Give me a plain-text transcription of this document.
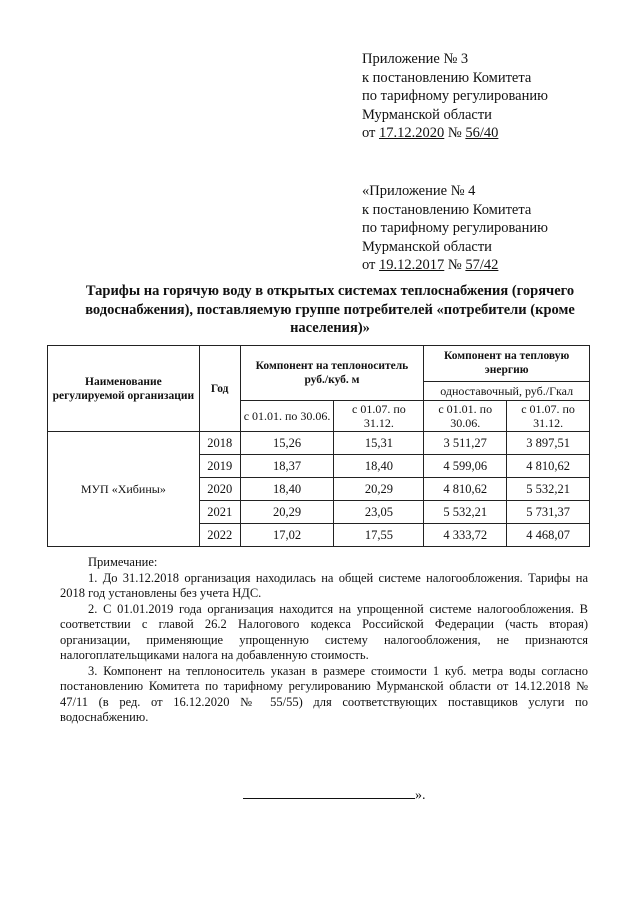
Приложение № 3
к постановлению Комитета
по тарифному регулированию
Мурманской области
от 17.12.2020 № 56/40
«Приложение № 4
к постановлению Комитета
по тарифному регулированию
Мурманской области
от 19.12.2017 № 57/42
Тарифы на горячую воду в открытых системах теплоснабжения (горячего
водоснабжения), поставляемую группе потребителей «потребители (кроме
населения)»
Наименование регулируемой организации	Год	Компонент на теплоноситель руб./куб. м		Компонент на тепловую энергию	
				одноставочный, руб./Гкал	
		с 01.01. по 30.06.	с 01.07. по 31.12.	с 01.01. по 30.06.	с 01.07. по 31.12.
МУП «Хибины»	2018	15,26	15,31	3 511,27	3 897,51
	2019	18,37	18,40	4 599,06	4 810,62
	2020	18,40	20,29	4 810,62	5 532,21
	2021	20,29	23,05	5 532,21	5 731,37
	2022	17,02	17,55	4 333,72	4 468,07

Примечание:

1. До 31.12.2018 организация находилась на общей системе налогообложения. Тарифы на 2018 год установлены без учета НДС.

2. С 01.01.2019 года организация находится на упрощенной системе налогообложения. В соответствии с главой 26.2 Налогового кодекса Российской Федерации (часть вторая) организации, применяющие упрощенную систему налогообложения, не признаются налогоплательщиками налога на добавленную стоимость.

3. Компонент на теплоноситель указан в размере стоимости 1 куб. метра воды согласно постановлению Комитета по тарифному регулированию Мурманской области от 14.12.2018 № 47/11 (в ред. от 16.12.2020 № 55/55) для соответствующих поставщиков услуги по водоснабжению.

».
